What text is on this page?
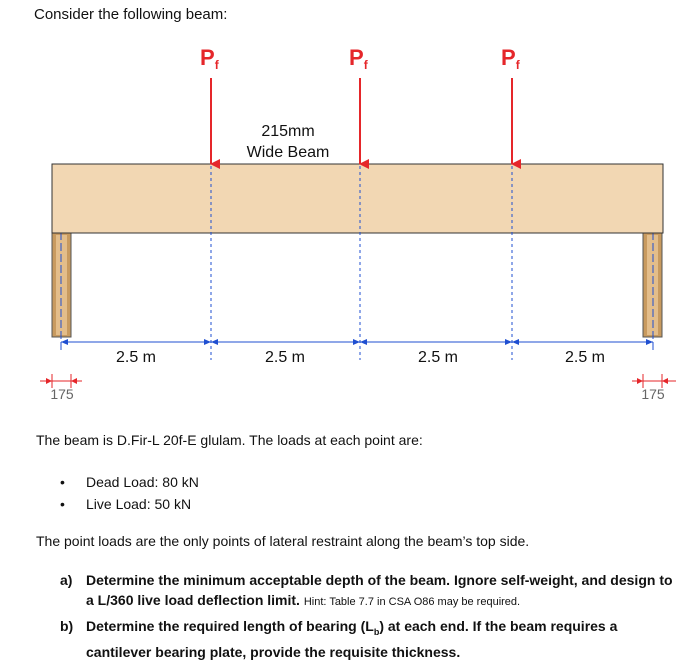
Consider the following beam:
Pf	Pf	Pf
215mm
Wide Beam
2.5 m	2.5 m	2.5 m	2.5 m
175	175
The beam is D.Fir-L 20f-E glulam. The loads at each point are:
• Dead Load: 80 kN
• Live Load: 50 kN
The point loads are the only points of lateral restraint along the beam’s top side.
a) Determine the minimum acceptable depth of the beam. Ignore self-weight, and design to a L/360 live load deflection limit. Hint: Table 7.7 in CSA O86 may be required.
b) Determine the required length of bearing $(L_b)$ at each end. If the beam requires a cantilever bearing plate, provide the requisite thickness.
